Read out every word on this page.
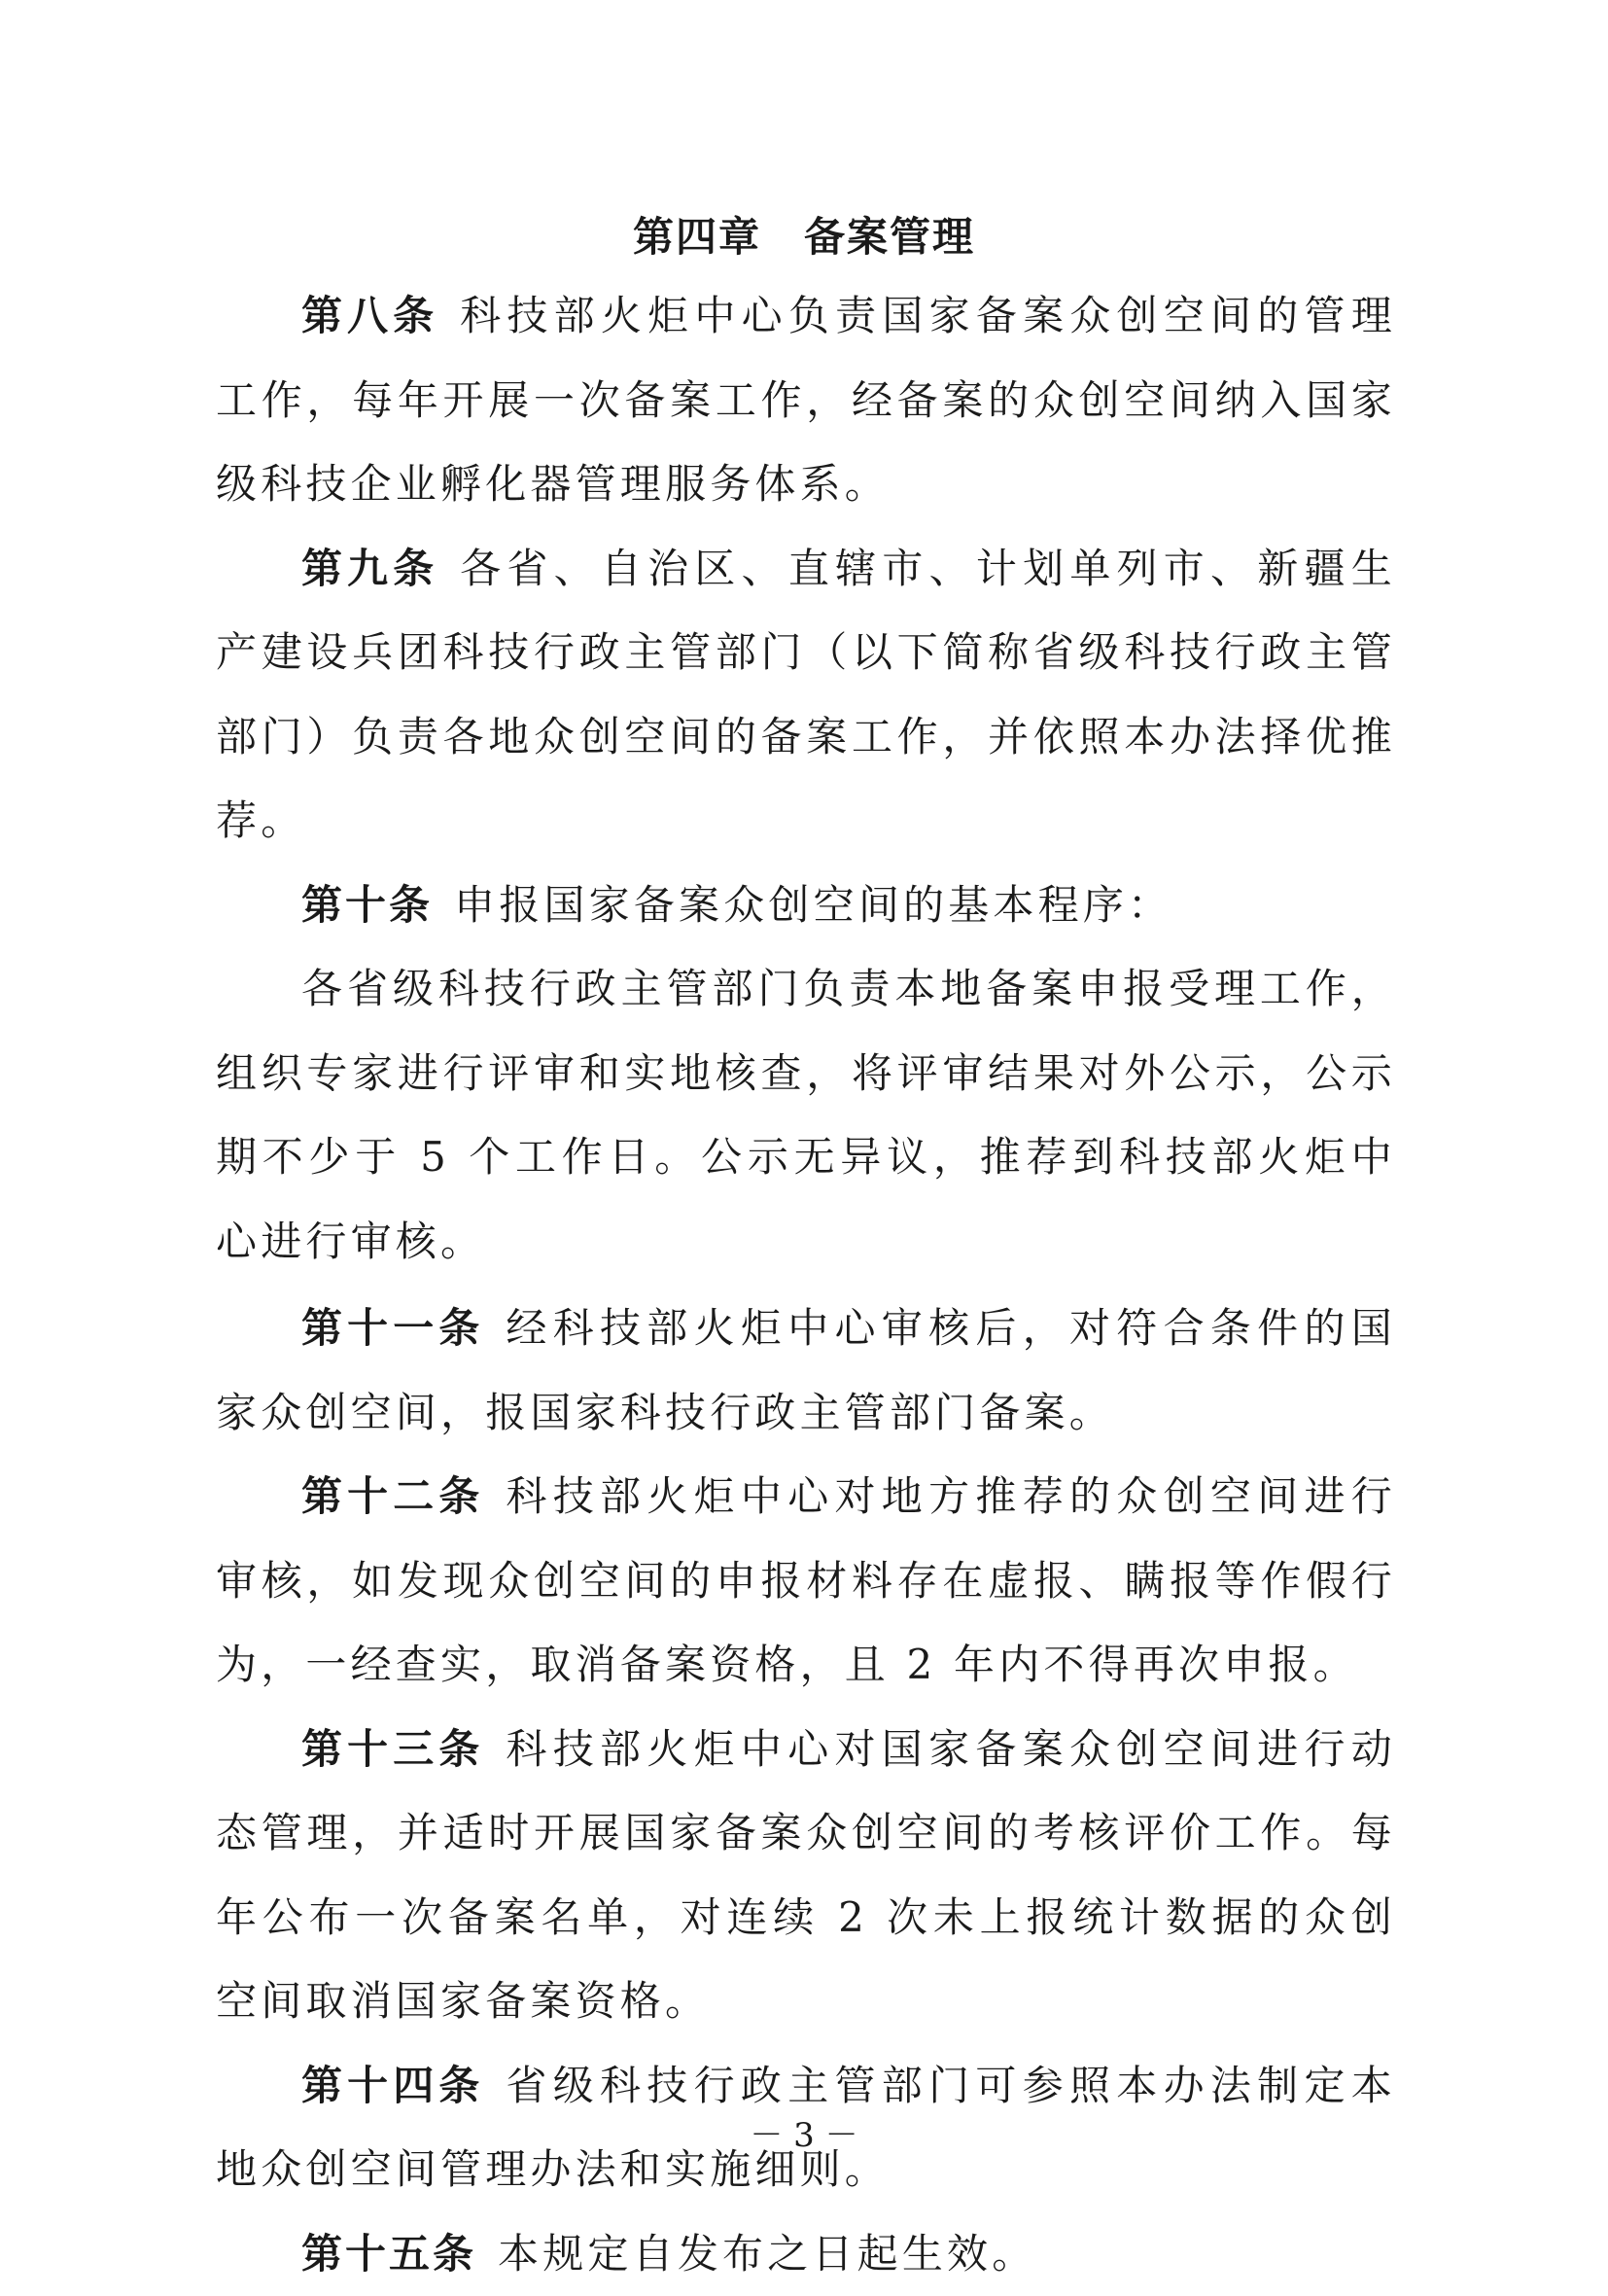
第四章　备案管理

第八条 科技部火炬中心负责国家备案众创空间的管理工作，每年开展一次备案工作，经备案的众创空间纳入国家级科技企业孵化器管理服务体系。

第九条 各省、自治区、直辖市、计划单列市、新疆生产建设兵团科技行政主管部门（以下简称省级科技行政主管部门）负责各地众创空间的备案工作，并依照本办法择优推荐。

第十条 申报国家备案众创空间的基本程序：

各省级科技行政主管部门负责本地备案申报受理工作，组织专家进行评审和实地核查，将评审结果对外公示，公示期不少于 5 个工作日。公示无异议，推荐到科技部火炬中心进行审核。

第十一条 经科技部火炬中心审核后，对符合条件的国家众创空间，报国家科技行政主管部门备案。

第十二条 科技部火炬中心对地方推荐的众创空间进行审核，如发现众创空间的申报材料存在虚报、瞒报等作假行为，一经查实，取消备案资格，且 2 年内不得再次申报。

第十三条 科技部火炬中心对国家备案众创空间进行动态管理，并适时开展国家备案众创空间的考核评价工作。每年公布一次备案名单，对连续 2 次未上报统计数据的众创空间取消国家备案资格。

第十四条 省级科技行政主管部门可参照本办法制定本地众创空间管理办法和实施细则。

第十五条 本规定自发布之日起生效。

－ 3 －
